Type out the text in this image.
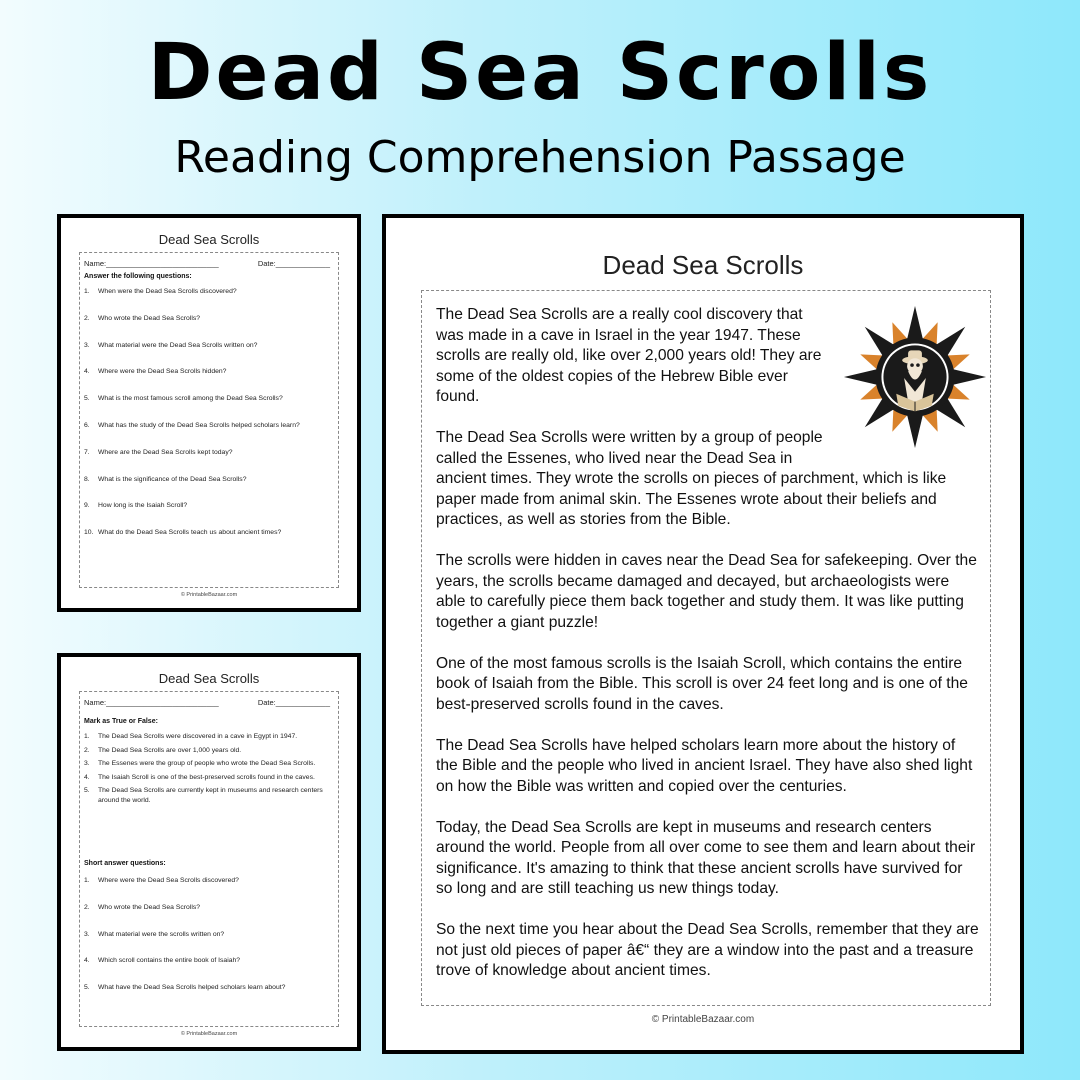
Dead Sea Scrolls
Reading Comprehension Passage
Dead Sea Scrolls
Name:___________________________	Date:_____________
Answer the following questions:
1. When were the Dead Sea Scrolls discovered?
2. Who wrote the Dead Sea Scrolls?
3. What material were the Dead Sea Scrolls written on?
4. Where were the Dead Sea Scrolls hidden?
5. What is the most famous scroll among the Dead Sea Scrolls?
6. What has the study of the Dead Sea Scrolls helped scholars learn?
7. Where are the Dead Sea Scrolls kept today?
8. What is the significance of the Dead Sea Scrolls?
9. How long is the Isaiah Scroll?
10. What do the Dead Sea Scrolls teach us about ancient times?
© PrintableBazaar.com
Dead Sea Scrolls
Name:___________________________	Date:_____________
Mark as True or False:
1. The Dead Sea Scrolls were discovered in a cave in Egypt in 1947.
2. The Dead Sea Scrolls are over 1,000 years old.
3. The Essenes were the group of people who wrote the Dead Sea Scrolls.
4. The Isaiah Scroll is one of the best-preserved scrolls found in the caves.
5. The Dead Sea Scrolls are currently kept in museums and research centers around the world.
Short answer questions:
1. Where were the Dead Sea Scrolls discovered?
2. Who wrote the Dead Sea Scrolls?
3. What material were the scrolls written on?
4. Which scroll contains the entire book of Isaiah?
5. What have the Dead Sea Scrolls helped scholars learn about?
© PrintableBazaar.com
Dead Sea Scrolls

The Dead Sea Scrolls are a really cool discovery that was made in a cave in Israel in the year 1947. These scrolls are really old, like over 2,000 years old! They are some of the oldest copies of the Hebrew Bible ever found.

The Dead Sea Scrolls were written by a group of people called the Essenes, who lived near the Dead Sea in ancient times. They wrote the scrolls on pieces of parchment, which is like paper made from animal skin. The Essenes wrote about their beliefs and practices, as well as stories from the Bible.

The scrolls were hidden in caves near the Dead Sea for safekeeping. Over the years, the scrolls became damaged and decayed, but archaeologists were able to carefully piece them back together and study them. It was like putting together a giant puzzle!

One of the most famous scrolls is the Isaiah Scroll, which contains the entire book of Isaiah from the Bible. This scroll is over 24 feet long and is one of the best-preserved scrolls found in the caves.

The Dead Sea Scrolls have helped scholars learn more about the history of the Bible and the people who lived in ancient Israel. They have also shed light on how the Bible was written and copied over the centuries.

Today, the Dead Sea Scrolls are kept in museums and research centers around the world. People from all over come to see them and learn about their significance. It's amazing to think that these ancient scrolls have survived for so long and are still teaching us new things today.

So the next time you hear about the Dead Sea Scrolls, remember that they are not just old pieces of paper â€“ they are a window into the past and a treasure trove of knowledge about ancient times.

© PrintableBazaar.com
